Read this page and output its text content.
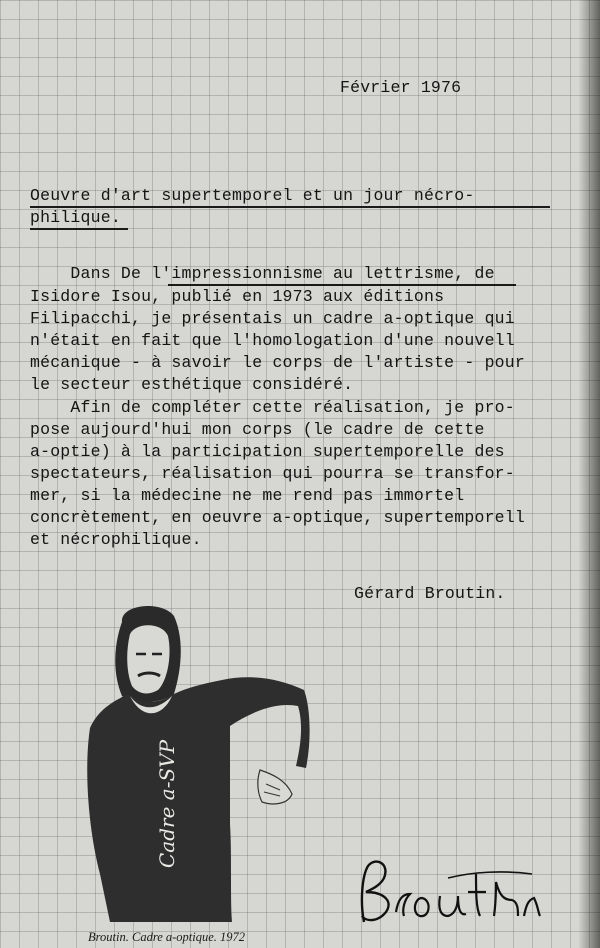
Février 1976
Oeuvre d'art supertemporel et un jour nécro-
philique.
Dans De l'impressionnisme au lettrisme, de
Isidore Isou, publié en 1973 aux éditions
Filipacchi, je présentais un cadre a-optique qui
n'était en fait que l'homologation d'une nouvell
mécanique - à savoir le corps de l'artiste - pour
le secteur esthétique considéré.
Afin de compléter cette réalisation, je pro-
pose aujourd'hui mon corps (le cadre de cette
a-optie) à la participation supertemporelle des
spectateurs, réalisation qui pourra se transfor-
mer, si la médecine ne me rend pas immortel
concrètement, en oeuvre a-optique, supertemporell
et nécrophilique.
Gérard Broutin.
Cadre a-SVP
Broutin. Cadre a-optique. 1972
